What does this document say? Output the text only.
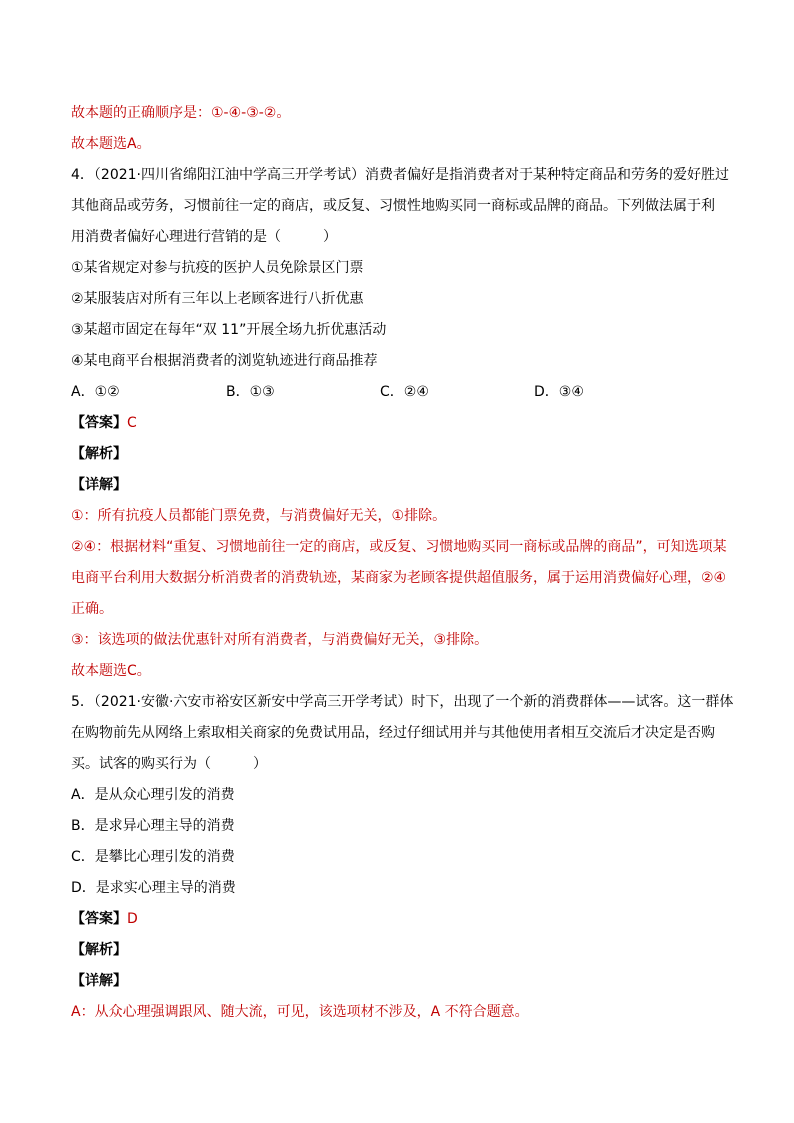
故本题的正确顺序是：①-④-③-②。
故本题选A。
4．（2021·四川省绵阳江油中学高三开学考试）消费者偏好是指消费者对于某种特定商品和劳务的爱好胜过
其他商品或劳务，习惯前往一定的商店，或反复、习惯性地购买同一商标或品牌的商品。下列做法属于利
用消费者偏好心理进行营销的是（　　　）
①某省规定对参与抗疫的医护人员免除景区门票
②某服装店对所有三年以上老顾客进行八折优惠
③某超市固定在每年“双 11”开展全场九折优惠活动
④某电商平台根据消费者的浏览轨迹进行商品推荐
A．①②	B．①③	C．②④	D．③④
【答案】C
【解析】
【详解】
①：所有抗疫人员都能门票免费，与消费偏好无关，①排除。
②④：根据材料“重复、习惯地前往一定的商店，或反复、习惯地购买同一商标或品牌的商品”，可知选项某
电商平台利用大数据分析消费者的消费轨迹，某商家为老顾客提供超值服务，属于运用消费偏好心理，②④
正确。
③：该选项的做法优惠针对所有消费者，与消费偏好无关，③排除。
故本题选C。
5．（2021·安徽·六安市裕安区新安中学高三开学考试）时下，出现了一个新的消费群体——试客。这一群体
在购物前先从网络上索取相关商家的免费试用品，经过仔细试用并与其他使用者相互交流后才决定是否购
买。试客的购买行为（　　　）
A．是从众心理引发的消费
B．是求异心理主导的消费
C．是攀比心理引发的消费
D．是求实心理主导的消费
【答案】D
【解析】
【详解】
A：从众心理强调跟风、随大流，可见，该选项材不涉及，A 不符合题意。
